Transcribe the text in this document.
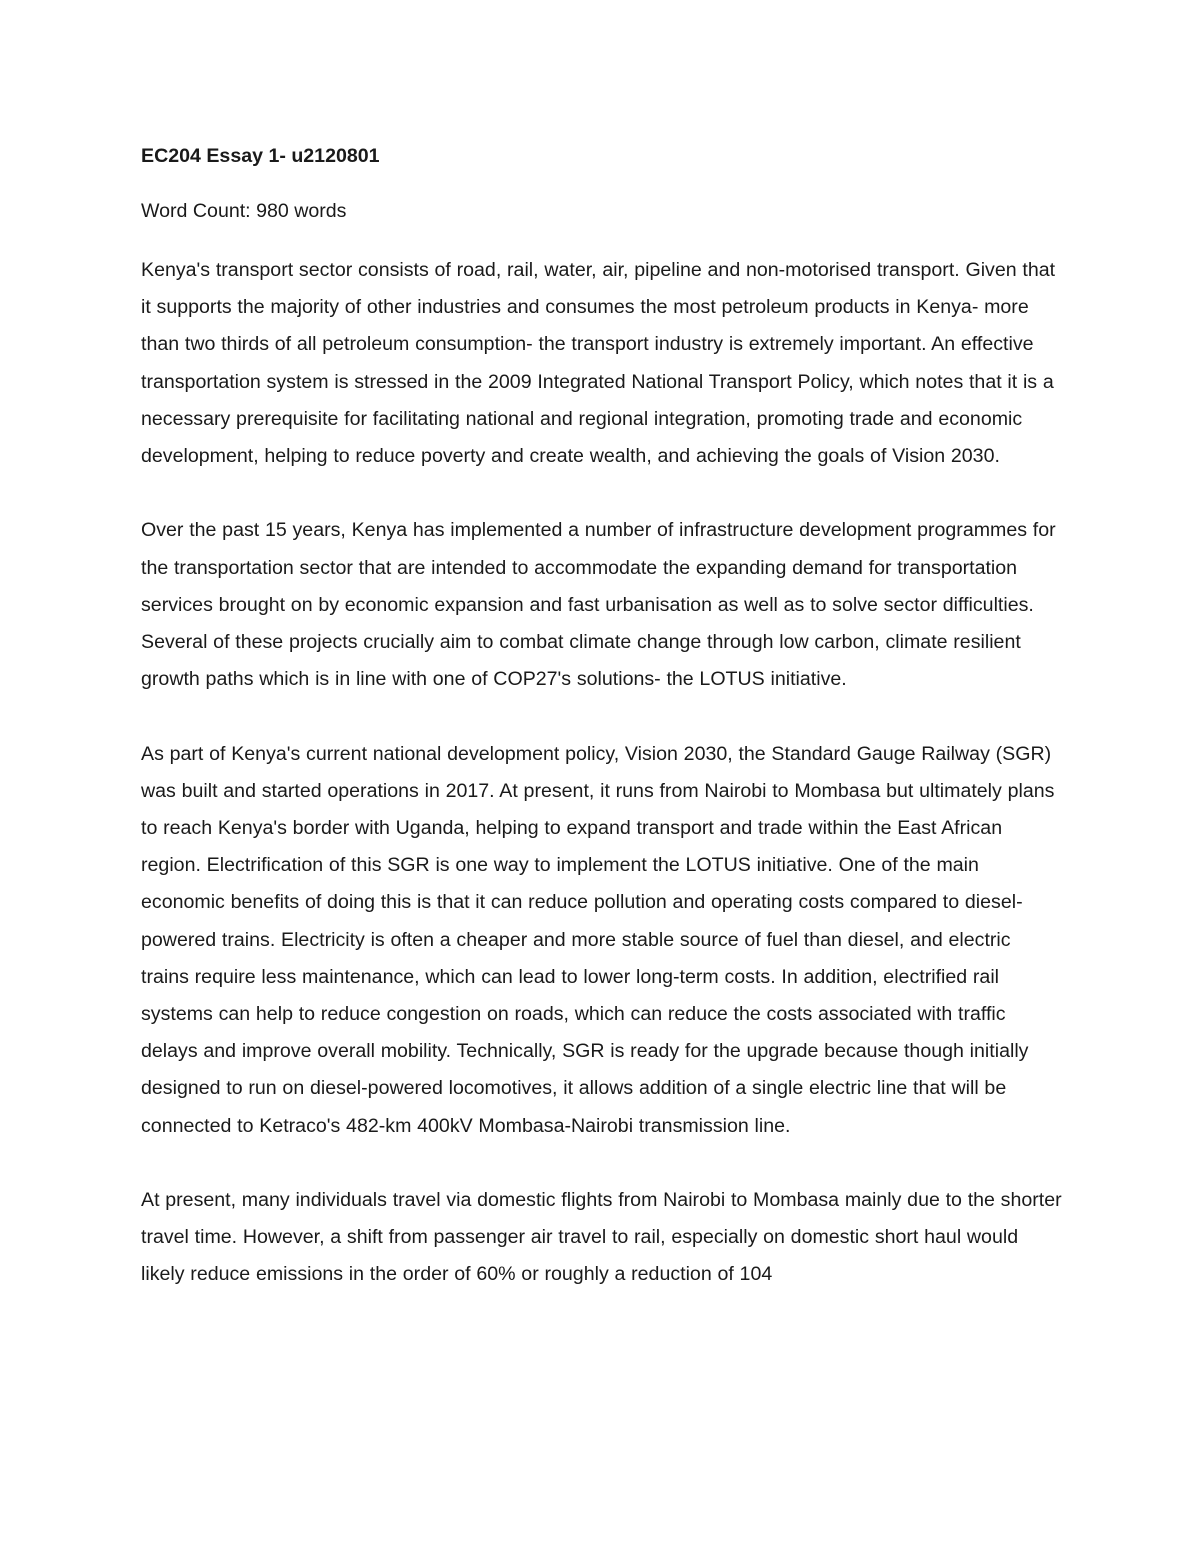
EC204 Essay 1- u2120801

Word Count: 980 words

Kenya's transport sector consists of road, rail, water, air, pipeline and non-motorised transport. Given that it supports the majority of other industries and consumes the most petroleum products in Kenya- more than two thirds of all petroleum consumption- the transport industry is extremely important. An effective transportation system is stressed in the 2009 Integrated National Transport Policy, which notes that it is a necessary prerequisite for facilitating national and regional integration, promoting trade and economic development, helping to reduce poverty and create wealth, and achieving the goals of Vision 2030.

Over the past 15 years, Kenya has implemented a number of infrastructure development programmes for the transportation sector that are intended to accommodate the expanding demand for transportation services brought on by economic expansion and fast urbanisation as well as to solve sector difficulties. Several of these projects crucially aim to combat climate change through low carbon, climate resilient growth paths which is in line with one of COP27's solutions- the LOTUS initiative.

As part of Kenya's current national development policy, Vision 2030, the Standard Gauge Railway (SGR) was built and started operations in 2017. At present, it runs from Nairobi to Mombasa but ultimately plans to reach Kenya's border with Uganda, helping to expand transport and trade within the East African region. Electrification of this SGR is one way to implement the LOTUS initiative. One of the main economic benefits of doing this is that it can reduce pollution and operating costs compared to diesel-powered trains. Electricity is often a cheaper and more stable source of fuel than diesel, and electric trains require less maintenance, which can lead to lower long-term costs. In addition, electrified rail systems can help to reduce congestion on roads, which can reduce the costs associated with traffic delays and improve overall mobility. Technically, SGR is ready for the upgrade because though initially designed to run on diesel-powered locomotives, it allows addition of a single electric line that will be connected to Ketraco's 482-km 400kV Mombasa-Nairobi transmission line.

At present, many individuals travel via domestic flights from Nairobi to Mombasa mainly due to the shorter travel time. However, a shift from passenger air travel to rail, especially on domestic short haul would likely reduce emissions in the order of 60% or roughly a reduction of 104
